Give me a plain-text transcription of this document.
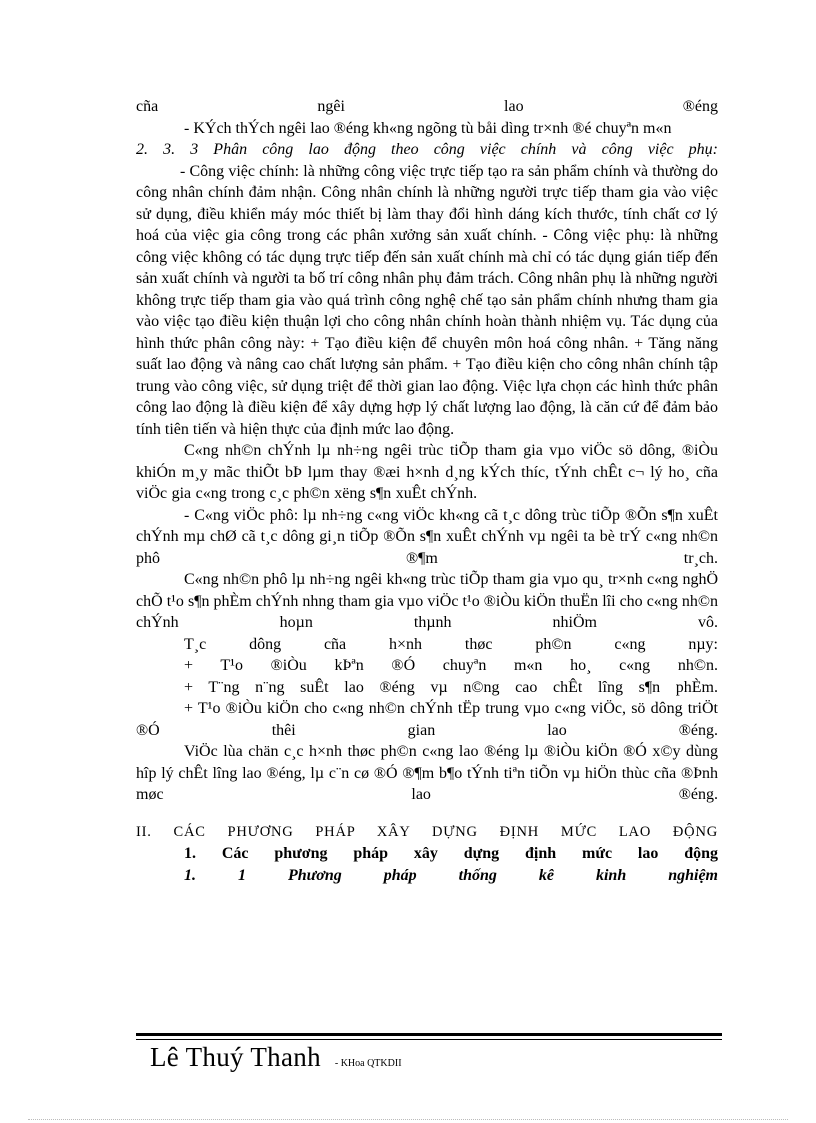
cña ngêi lao ®éng

- KÝch thÝch ngêi lao ®éng kh«ng ngõng tù båi dìng tr×nh ®é chuyªn m«n

2. 3. 3 Phân công lao động theo công việc chính và công việc phụ:

- Công việc chính: là những công việc trực tiếp tạo ra sản phẩm chính và thường do công nhân chính đảm nhận. Công nhân chính là những người trực tiếp tham gia vào việc sử dụng, điều khiển máy móc thiết bị làm thay đổi hình dáng kích thước, tính chất cơ lý hoá của việc gia công trong các phân xưởng sản xuất chính. - Công việc phụ: là những công việc không có tác dụng trực tiếp đến sản xuất chính mà chỉ có tác dụng gián tiếp đến sản xuất chính và người ta bố trí công nhân phụ đảm trách. Công nhân phụ là những người không trực tiếp tham gia vào quá trình công nghệ chế tạo sản phẩm chính nhưng tham gia vào việc tạo điều kiện thuận lợi cho công nhân chính hoàn thành nhiệm vụ. Tác dụng của hình thức phân công này: + Tạo điều kiện để chuyên môn hoá công nhân. + Tăng năng suất lao động và nâng cao chất lượng sản phẩm. + Tạo điều kiện cho công nhân chính tập trung vào công việc, sử dụng triệt để thời gian lao động. Việc lựa chọn các hình thức phân công lao động là điều kiện để xây dựng hợp lý chất lượng lao động, là căn cứ để đảm bảo tính tiên tiến và hiện thực của định mức lao động.

C«ng nh©n chÝnh lµ nh÷ng ngêi trùc tiÕp tham gia vµo viÖc sö dông, ®iÒu khiÓn m¸y mãc thiÕt bÞ lµm thay ®æi h×nh d¸ng kÝch thíc, tÝnh chÊt c¬ lý ho¸ cña viÖc gia c«ng trong c¸c ph©n xëng s¶n xuÊt chÝnh.

- C«ng viÖc phô: lµ nh÷ng c«ng viÖc kh«ng cã t¸c dông trùc tiÕp ®Õn s¶n xuÊt chÝnh mµ chØ cã t¸c dông gi¸n tiÕp ®Õn s¶n xuÊt chÝnh vµ ngêi ta bè trÝ c«ng nh©n phô ®¶m tr¸ch.

C«ng nh©n phô lµ nh÷ng ngêi kh«ng trùc tiÕp tham gia vµo qu¸ tr×nh c«ng nghÖ chÕ t¹o s¶n phÈm chÝnh nhng tham gia vµo viÖc t¹o ®iÒu kiÖn thuËn lîi cho c«ng nh©n chÝnh hoµn thµnh nhiÖm vô.

T¸c dông cña h×nh thøc ph©n c«ng nµy:

+ T¹o ®iÒu kÞªn ®Ó chuyªn m«n ho¸ c«ng nh©n.

+ T¨ng n¨ng suÊt lao ®éng vµ n©ng cao chÊt lîng s¶n phÈm.

+ T¹o ®iÒu kiÖn cho c«ng nh©n chÝnh tËp trung vµo c«ng viÖc, sö dông triÖt ®Ó thêi gian lao ®éng.

ViÖc lùa chän c¸c h×nh thøc ph©n c«ng lao ®éng lµ ®iÒu kiÖn ®Ó x©y dùng hîp lý chÊt lîng lao ®éng, lµ c¨n cø ®Ó ®¶m b¶o tÝnh tiªn tiÕn vµ hiÖn thùc cña ®Þnh møc lao ®éng.

II. CÁC PHƯƠNG PHÁP XÂY DỰNG ĐỊNH MỨC LAO ĐỘNG

1. Các phương pháp xây dựng định mức lao động

1. 1 Phương pháp thống kê kinh nghiệm

Lê Thuý Thanh - KHoa QTKDII
